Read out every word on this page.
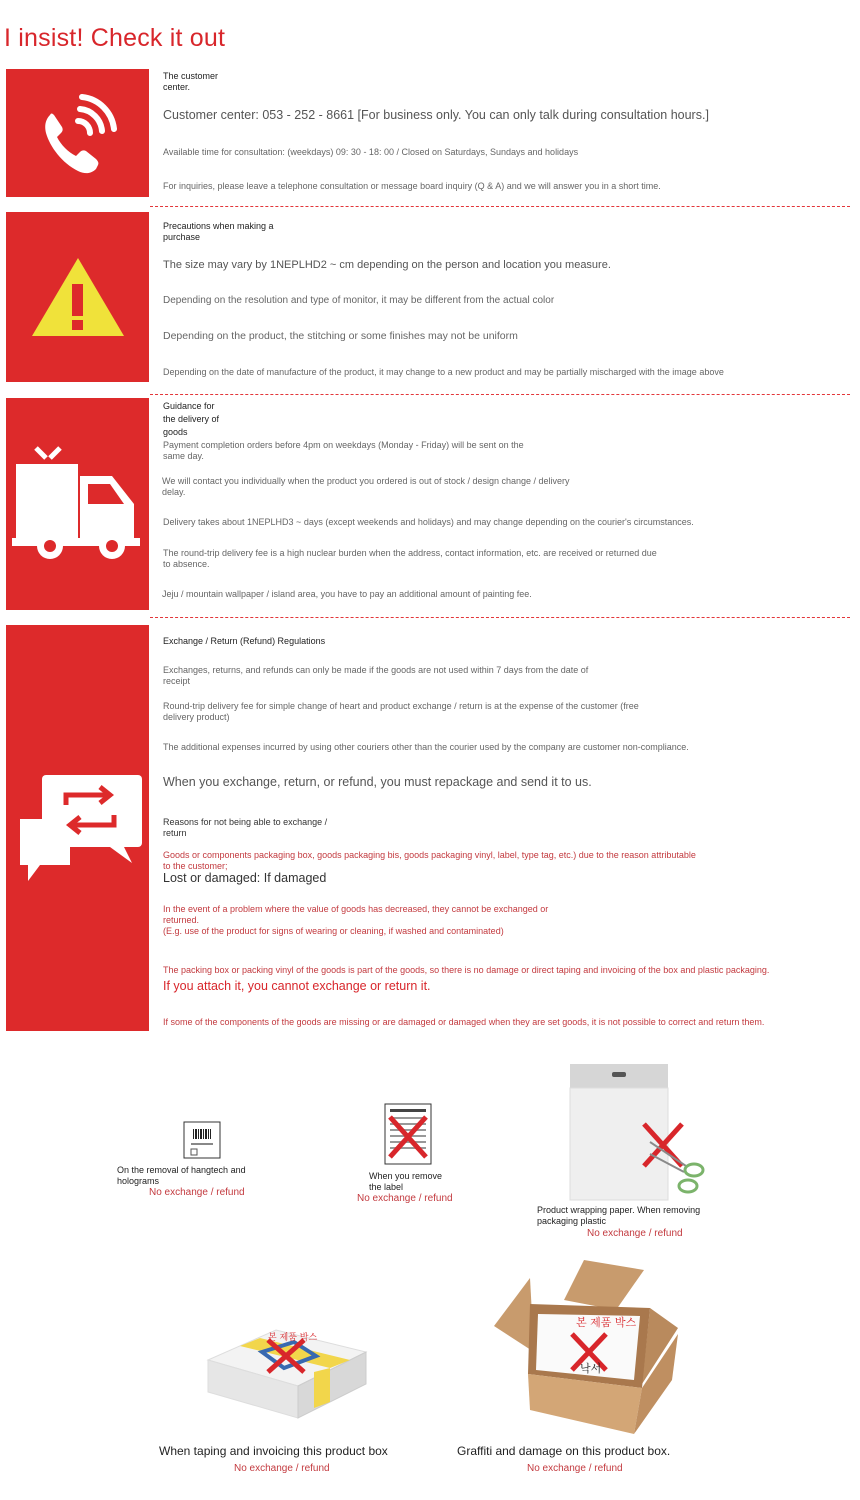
I insist! Check it out
The customer
center.
Customer center: 053 - 252 - 8661 [For business only. You can only talk during consultation hours.]
Available time for consultation: (weekdays) 09: 30 - 18: 00 / Closed on Saturdays, Sundays and holidays
For inquiries, please leave a telephone consultation or message board inquiry (Q & A) and we will answer you in a short time.
Precautions when making a
purchase
The size may vary by 1NEPLHD2 ~ cm depending on the person and location you measure.
Depending on the resolution and type of monitor, it may be different from the actual color
Depending on the product, the stitching or some finishes may not be uniform
Depending on the date of manufacture of the product, it may change to a new product and may be partially mischarged with the image above
Guidance for
the delivery of
goods
Payment completion orders before 4pm on weekdays (Monday - Friday) will be sent on the
same day.
We will contact you individually when the product you ordered is out of stock / design change / delivery
delay.
Delivery takes about 1NEPLHD3 ~ days (except weekends and holidays) and may change depending on the courier's circumstances.
The round-trip delivery fee is a high nuclear burden when the address, contact information, etc. are received or returned due
to absence.
Jeju / mountain wallpaper / island area, you have to pay an additional amount of painting fee.
Exchange / Return (Refund) Regulations
Exchanges, returns, and refunds can only be made if the goods are not used within 7 days from the date of
receipt
Round-trip delivery fee for simple change of heart and product exchange / return is at the expense of the customer (free
delivery product)
The additional expenses incurred by using other couriers other than the courier used by the company are customer non-compliance.
When you exchange, return, or refund, you must repackage and send it to us.
Reasons for not being able to exchange /
return
Goods or components packaging box, goods packaging bis, goods packaging vinyl, label, type tag, etc.) due to the reason attributable
to the customer;
Lost or damaged: If damaged
In the event of a problem where the value of goods has decreased, they cannot be exchanged or
returned.
(E.g. use of the product for signs of wearing or cleaning, if washed and contaminated)
The packing box or packing vinyl of the goods is part of the goods, so there is no damage or direct taping and invoicing of the box and plastic packaging.
If you attach it, you cannot exchange or return it.
If some of the components of the goods are missing or are damaged or damaged when they are set goods, it is not possible to correct and return them.
On the removal of hangtech and
holograms
No exchange / refund
When you remove
the label
No exchange / refund
Product wrapping paper. When removing
packaging plastic
No exchange / refund
본 제품 박스
When taping and invoicing this product box
No exchange / refund
본 제품 박스
낙서
Graffiti and damage on this product box.
No exchange / refund
